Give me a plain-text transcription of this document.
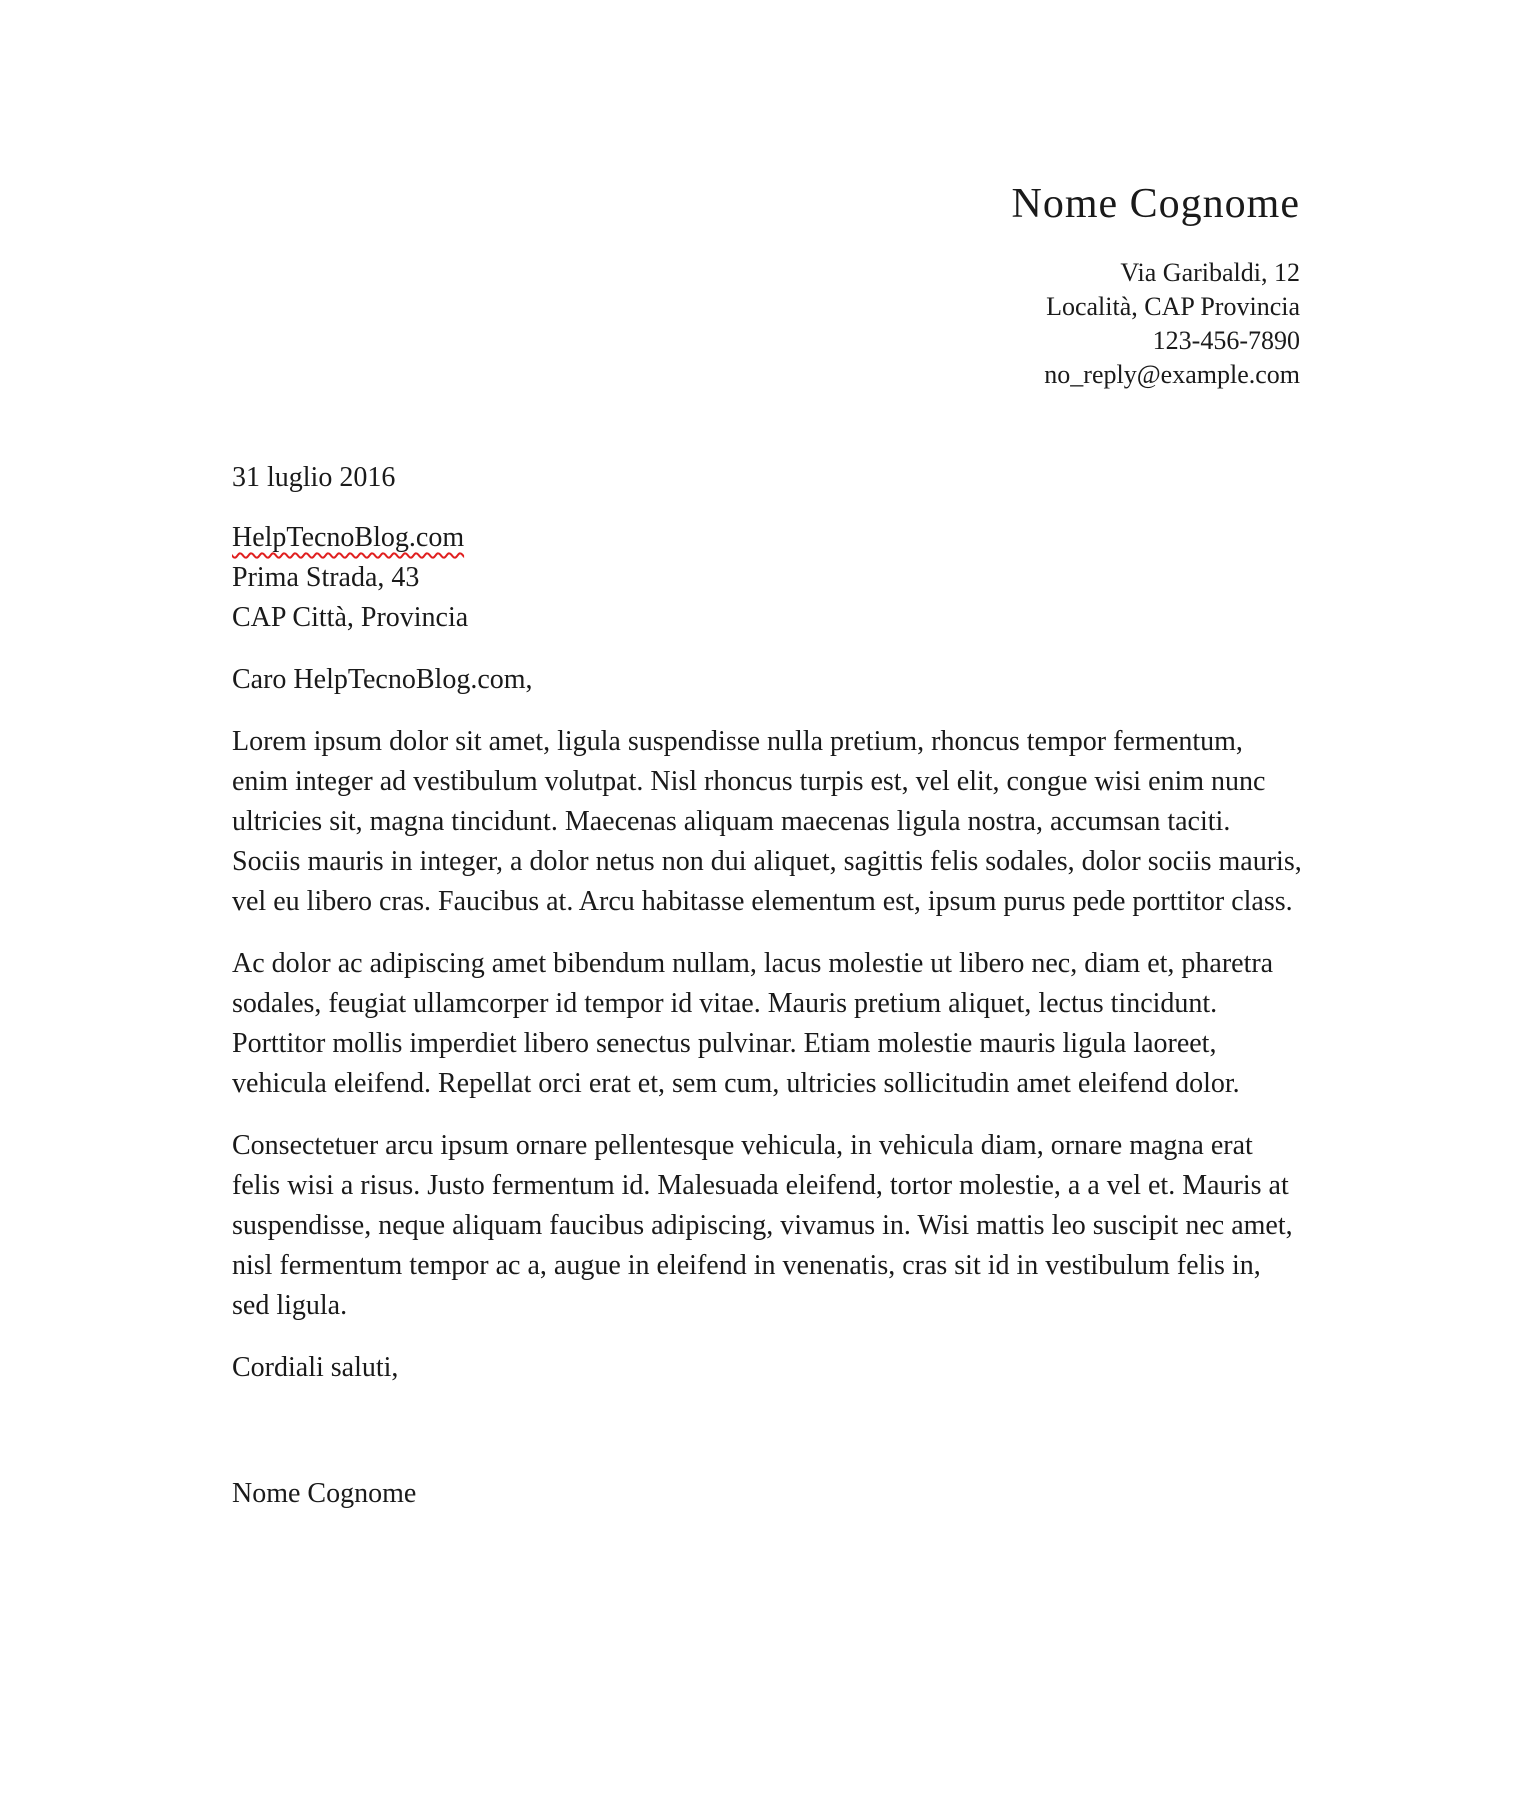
Nome Cognome
Via Garibaldi, 12
Località, CAP Provincia
123-456-7890
no_reply@example.com
31 luglio 2016
HelpTecnoBlog.com
Prima Strada, 43
CAP Città, Provincia
Caro HelpTecnoBlog.com,

Lorem ipsum dolor sit amet, ligula suspendisse nulla pretium, rhoncus tempor fermentum, enim integer ad vestibulum volutpat. Nisl rhoncus turpis est, vel elit, congue wisi enim nunc ultricies sit, magna tincidunt. Maecenas aliquam maecenas ligula nostra, accumsan taciti. Sociis mauris in integer, a dolor netus non dui aliquet, sagittis felis sodales, dolor sociis mauris, vel eu libero cras. Faucibus at. Arcu habitasse elementum est, ipsum purus pede porttitor class.

Ac dolor ac adipiscing amet bibendum nullam, lacus molestie ut libero nec, diam et, pharetra sodales, feugiat ullamcorper id tempor id vitae. Mauris pretium aliquet, lectus tincidunt. Porttitor mollis imperdiet libero senectus pulvinar. Etiam molestie mauris ligula laoreet, vehicula eleifend. Repellat orci erat et, sem cum, ultricies sollicitudin amet eleifend dolor.

Consectetuer arcu ipsum ornare pellentesque vehicula, in vehicula diam, ornare magna erat felis wisi a risus. Justo fermentum id. Malesuada eleifend, tortor molestie, a a vel et. Mauris at suspendisse, neque aliquam faucibus adipiscing, vivamus in. Wisi mattis leo suscipit nec amet, nisl fermentum tempor ac a, augue in eleifend in venenatis, cras sit id in vestibulum felis in, sed ligula.

Cordiali saluti,
Nome Cognome
